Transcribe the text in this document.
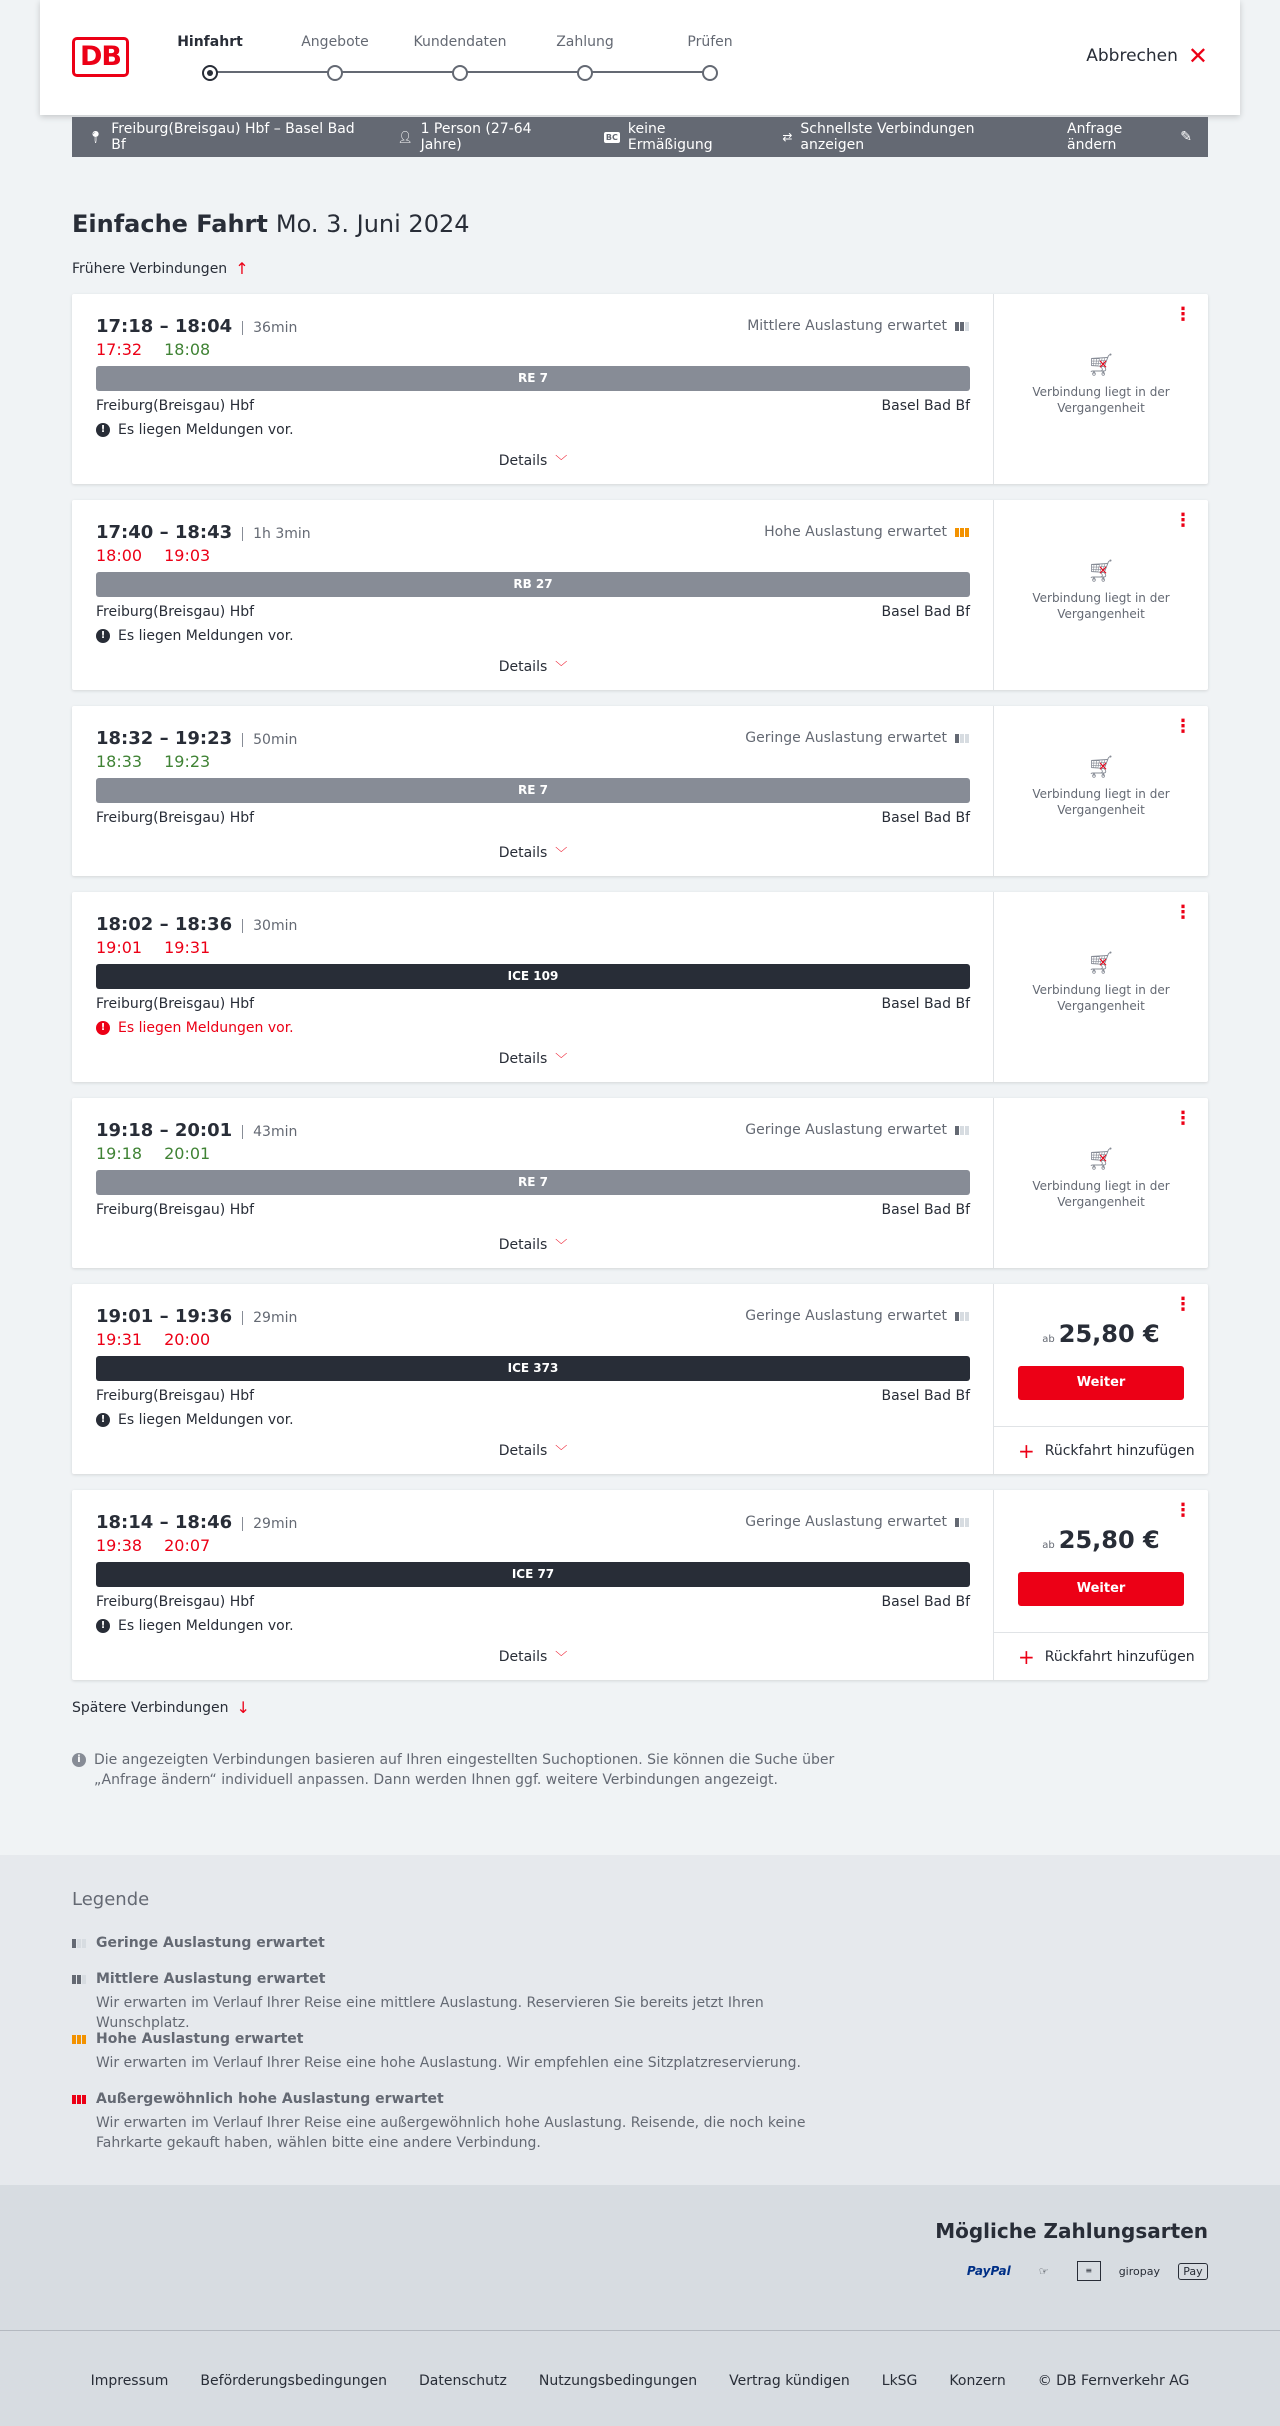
DB	Hinfahrt	Angebote	Kundendaten	Zahlung	Prüfen
Abbrechen ✕
📍︎ Freiburg(Breisgau) Hbf – Basel Bad Bf	👤︎ 1 Person (27-64 Jahre)	BC keine Ermäßigung	⇄ Schnellste Verbindungen anzeigen
Anfrage ändern	✎
Einfache Fahrt Mo. 3. Juni 2024
Frühere Verbindungen ↑
17:18 – 18:04	36min
17:32 18:08
Mittlere Auslastung erwartet
RE 7
Freiburg(Breisgau) Hbf	Basel Bad Bf
! Es liegen Meldungen vor.
Details ﹀
⋮
🛒︎ ×
Verbindung liegt in der Vergangenheit
17:40 – 18:43	1h 3min
18:00 19:03
Hohe Auslastung erwartet
RB 27
Freiburg(Breisgau) Hbf	Basel Bad Bf
! Es liegen Meldungen vor.
Details ﹀
⋮
🛒︎ ×
Verbindung liegt in der Vergangenheit
18:32 – 19:23	50min
18:33 19:23
Geringe Auslastung erwartet
RE 7
Freiburg(Breisgau) Hbf	Basel Bad Bf
Details ﹀
⋮
🛒︎ ×
Verbindung liegt in der Vergangenheit
18:02 – 18:36	30min
19:01 19:31
ICE 109
Freiburg(Breisgau) Hbf	Basel Bad Bf
! Es liegen Meldungen vor.
Details ﹀
⋮
🛒︎ ×
Verbindung liegt in der Vergangenheit
19:18 – 20:01	43min
19:18 20:01
Geringe Auslastung erwartet
RE 7
Freiburg(Breisgau) Hbf	Basel Bad Bf
Details ﹀
⋮
🛒︎ ×
Verbindung liegt in der Vergangenheit
19:01 – 19:36	29min
19:31 20:00
Geringe Auslastung erwartet
ICE 373
Freiburg(Breisgau) Hbf	Basel Bad Bf
! Es liegen Meldungen vor.
Details ﹀
⋮
ab 25,80 €
Weiter
+ Rückfahrt hinzufügen
18:14 – 18:46	29min
19:38 20:07
Geringe Auslastung erwartet
ICE 77
Freiburg(Breisgau) Hbf	Basel Bad Bf
! Es liegen Meldungen vor.
Details ﹀
⋮
ab 25,80 €
Weiter
+ Rückfahrt hinzufügen
Spätere Verbindungen ↓
i Die angezeigten Verbindungen basieren auf Ihren eingestellten Suchoptionen. Sie können die Suche über „Anfrage ändern“ individuell anpassen. Dann werden Ihnen ggf. weitere Verbindungen angezeigt.
Legende
Geringe Auslastung erwartet
Mittlere Auslastung erwartet
Wir erwarten im Verlauf Ihrer Reise eine mittlere Auslastung. Reservieren Sie bereits jetzt Ihren Wunschplatz.
Hohe Auslastung erwartet
Wir erwarten im Verlauf Ihrer Reise eine hohe Auslastung. Wir empfehlen eine Sitzplatzreservierung.
Außergewöhnlich hohe Auslastung erwartet
Wir erwarten im Verlauf Ihrer Reise eine außergewöhnlich hohe Auslastung. Reisende, die noch keine Fahrkarte gekauft haben, wählen bitte eine andere Verbindung.
Mögliche Zahlungsarten
PayPal	☞	≡	giropay	Pay
Impressum Beförderungsbedingungen Datenschutz Nutzungsbedingungen Vertrag kündigen LkSG Konzern © DB Fernverkehr AG
